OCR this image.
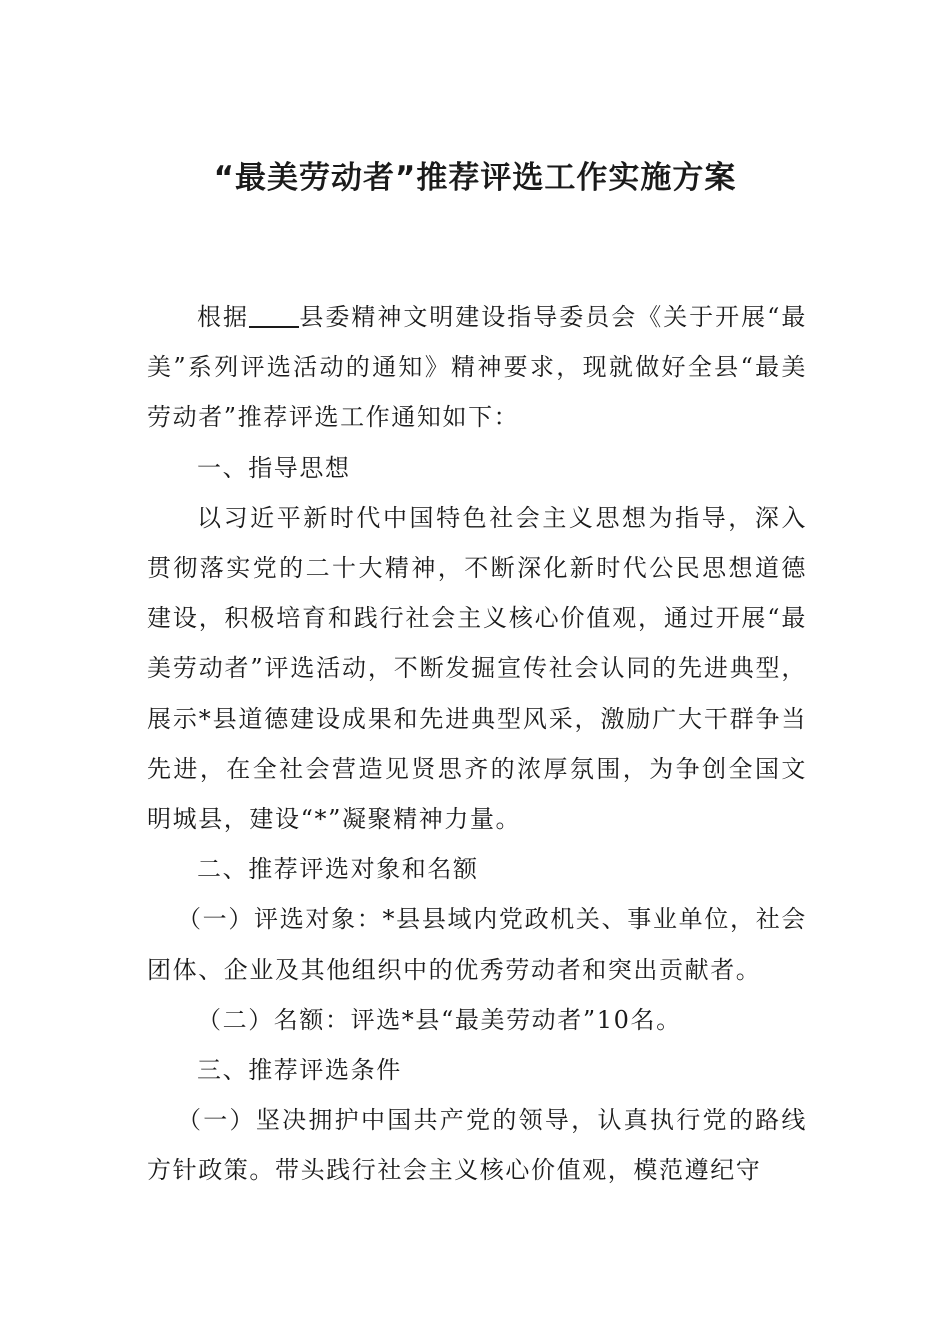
“最美劳动者”推荐评选工作实施方案

根据 县委精神文明建设指导委员会《关于开展“最美”系列评选活动的通知》精神要求，现就做好全县“最美劳动者”推荐评选工作通知如下：

一、指导思想

以习近平新时代中国特色社会主义思想为指导，深入贯彻落实党的二十大精神，不断深化新时代公民思想道德建设，积极培育和践行社会主义核心价值观，通过开展“最美劳动者”评选活动，不断发掘宣传社会认同的先进典型，展示*县道德建设成果和先进典型风采，激励广大干群争当先进，在全社会营造见贤思齐的浓厚氛围，为争创全国文明城县，建设“*”凝聚精神力量。

二、推荐评选对象和名额

（一）评选对象：*县县域内党政机关、事业单位，社会团体、企业及其他组织中的优秀劳动者和突出贡献者。

（二）名额：评选*县“最美劳动者”10名。

三、推荐评选条件

（一）坚决拥护中国共产党的领导，认真执行党的路线方针政策。带头践行社会主义核心价值观，模范遵纪守
